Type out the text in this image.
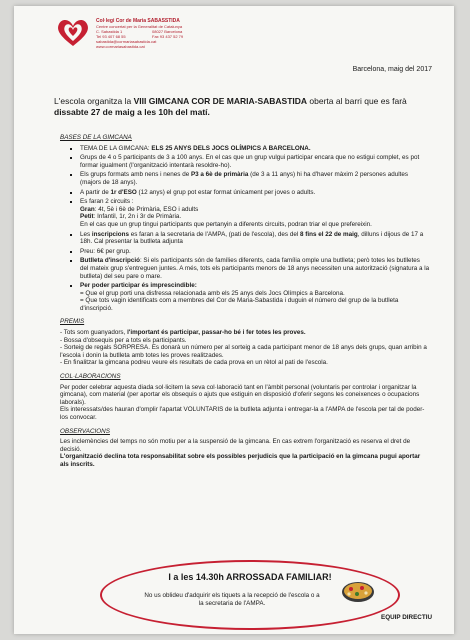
Col·legi Cor de Maria SABASSTIDA
Centre concertat per la Generalitat de Catalunya
C. Sabastida 1	08027 Barcelona
Tel 93 407 68 55	Fax 93 437 52 79
sabastida@cormariasabastida.cat
www.cormariasabastida.cat
Barcelona, maig del 2017
L'escola organitza la VIII GIMCANA COR DE MARIA-SABASTIDA oberta al barri que es farà dissabte 27 de maig a les 10h del matí.
BASES DE LA GIMCANA
▪ TEMA DE LA GIMCANA: ELS 25 ANYS DELS JOCS OLÍMPICS A BARCELONA.
▪ Grups de 4 o 5 participants de 3 a 100 anys. En el cas que un grup vulgui participar encara que no estigui complet, es pot formar igualment (l'organització intentarà resoldre-ho).
▪ Els grups formats amb nens i nenes de P3 a 6è de primària (de 3 a 11 anys) hi ha d'haver màxim 2 persones adultes (majors de 18 anys).
▪ A partir de 1r d'ESO (12 anys) el grup pot estar format únicament per joves o adults.
▪ Es faran 2 circuits :
Gran: 4t, 5è i 6è de Primària, ESO i adults
Petit: Infantil, 1r, 2n i 3r de Primària.
En el cas que un grup tingui participants que pertanyin a diferents circuits, podran triar el que prefereixin.
▪ Les inscripcions es faran a la secretaria de l'AMPA, (pati de l'escola), des del 8 fins el 22 de maig, dilluns i dijous de 17 a 18h. Cal presentar la butlleta adjunta
▪ Preu: 6€ per grup.
▪ Butlleta d'inscripció: Si els participants són de famílies diferents, cada família omple una butlleta; però totes les butlletes del mateix grup s'entreguen juntes. A més, tots els participants menors de 18 anys necessiten una autorització (signatura a la butlleta) del seu pare o mare.
▪ Per poder participar és imprescindible:
= Que el grup porti una disfressa relacionada amb els 25 anys dels Jocs Olímpics a Barcelona.
= Que tots vagin identificats com a membres del Cor de Maria-Sabastida i duguin el número del grup de la butlleta d'inscripció.
PREMIS

- Tots som guanyadors, l'important és participar, passar-ho bé i fer totes les proves.

- Bossa d'obsequis per a tots els participants.

- Sorteig de regals SORPRESA. Es donarà un número per al sorteig a cada participant menor de 18 anys dels grups, quan arribin a l'escola i donin la butlleta amb totes les proves realitzades.

- En finalitzar la gimcana podreu veure els resultats de cada prova en un rètol al pati de l'escola.

COL·LABORACIONS

Per poder celebrar aquesta diada sol·licitem la seva col·laboració tant en l'àmbit personal (voluntaris per controlar i organitzar la gimcana), com material (per aportar els obsequis o ajuts que estiguin en disposició d'oferir segons les coneixences o ocupacions laborals).

Els interessats/des hauran d'omplir l'apartat VOLUNTARIS de la butlleta adjunta i entregar-la a l'AMPA de l'escola per tal de poder-los convocar.

OBSERVACIONS

Les inclemències del temps no són motiu per a la suspensió de la gimcana. En cas extrem l'organització es reserva el dret de decisió.

L'organització declina tota responsabilitat sobre els possibles perjudicis que la participació en la gimcana pugui aportar als inscrits.

I a les 14.30h ARROSSADA FAMILIAR!
No us oblideu d'adquirir els tiquets a la recepció de l'escola o a la secretaria de l'AMPA.
EQUIP DIRECTIU
